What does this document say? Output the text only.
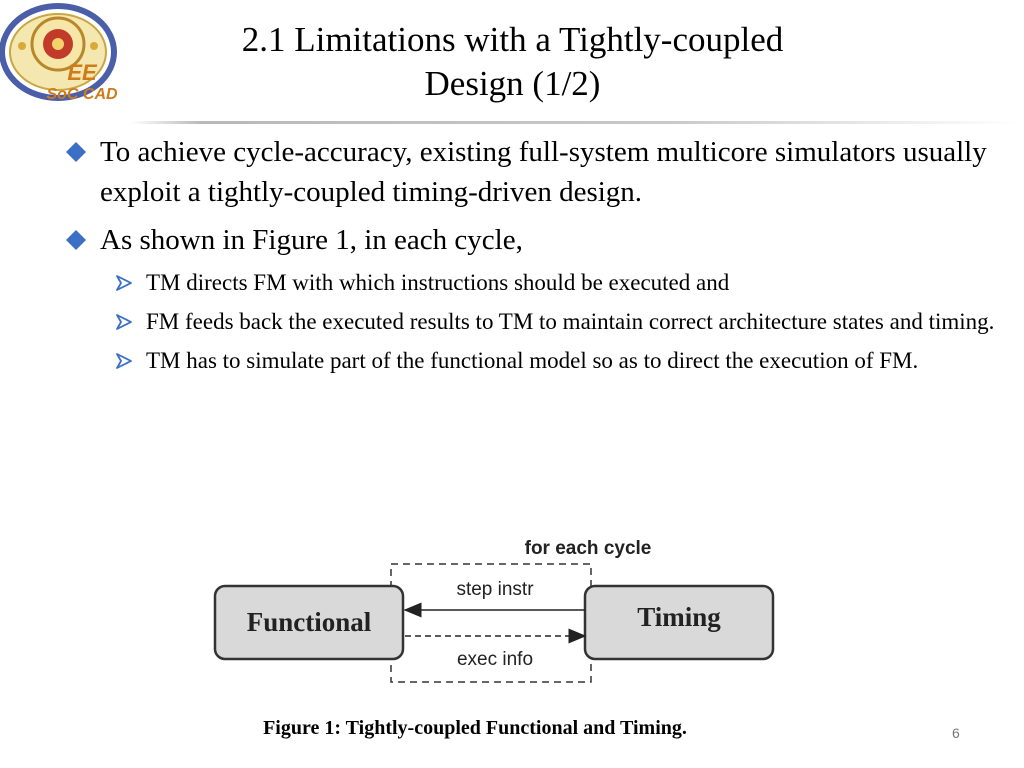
EE
SoC CAD
2.1 Limitations with a Tightly-coupled
Design (1/2)
To achieve cycle-accuracy, existing full-system multicore simulators usually exploit a tightly-coupled timing-driven design.
As shown in Figure 1, in each cycle,
TM directs FM with which instructions should be executed and
FM feeds back the executed results to TM to maintain correct architecture states and timing.
TM has to simulate part of the functional model so as to direct the execution of FM.
for each cycle
Functional	Timing
step instr
exec info
Figure 1: Tightly-coupled Functional and Timing.	6
